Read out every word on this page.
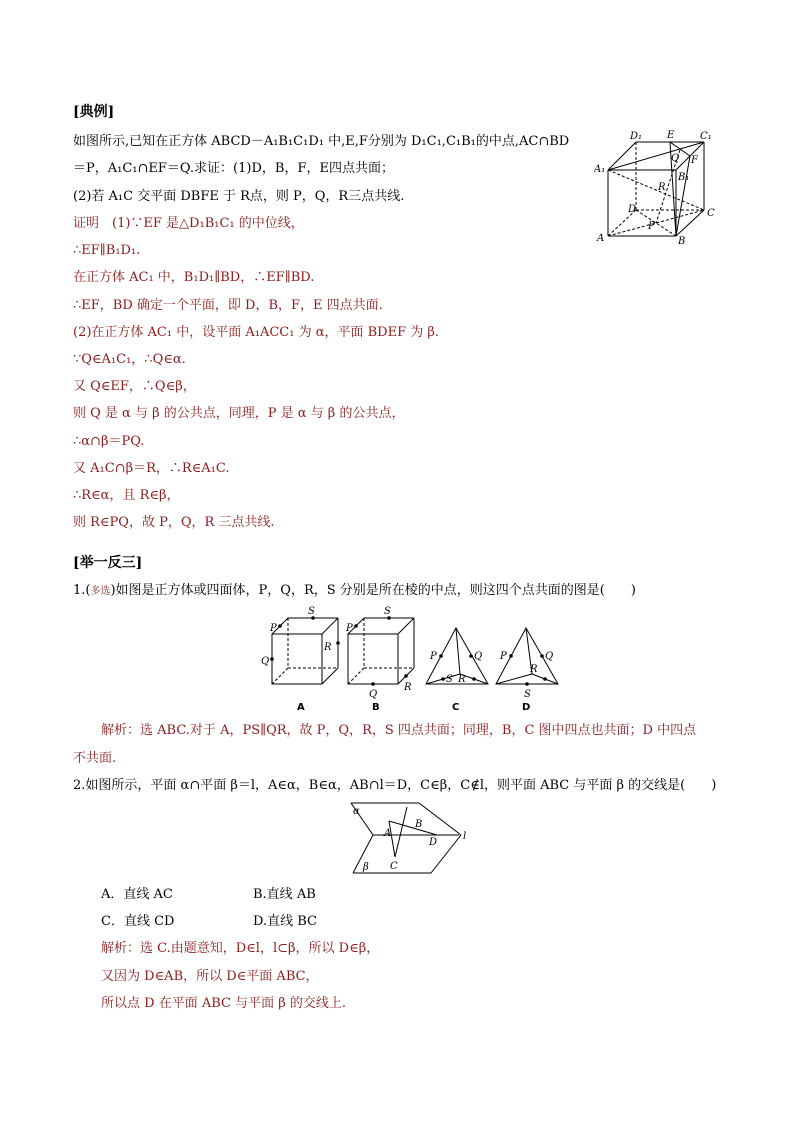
[典例]
如图所示,已知在正方体 ABCD－A₁B₁C₁D₁ 中,E,F分别为 D₁C₁,C₁B₁的中点,AC∩BD
＝P，A₁C₁∩EF＝Q.求证：(1)D，B，F，E四点共面；
(2)若 A₁C 交平面 DBFE 于 R点，则 P，Q，R三点共线.
证明　(1)∵EF 是△D₁B₁C₁ 的中位线，
∴EF∥B₁D₁.
在正方体 AC₁ 中，B₁D₁∥BD，∴EF∥BD.
∴EF，BD 确定一个平面，即 D，B，F，E 四点共面.
(2)在正方体 AC₁ 中，设平面 A₁ACC₁ 为 α，平面 BDEF 为 β.
∵Q∈A₁C₁，∴Q∈α.
又 Q∈EF，∴Q∈β，
则 Q 是 α 与 β 的公共点，同理，P 是 α 与 β 的公共点，
∴α∩β＝PQ.
又 A₁C∩β＝R，∴R∈A₁C.
∴R∈α，且 R∈β，
则 R∈PQ，故 P，Q，R 三点共线.
D₁ E	C₁
Q F
A₁
B₁
R
D	C
P
A	B
[举一反三]
1.(多选)如图是正方体或四面体，P，Q，R，S 分别是所在棱的中点，则这四个点共面的图是(　　)
P
S
Q
R
P
S
Q
R
P	Q
S R
P	Q
R
S
A	B	C	D
解析：选 ABC.对于 A，PS∥QR，故 P，Q，R，S 四点共面；同理，B，C 图中四点也共面；D 中四点
不共面.
2.如图所示，平面 α∩平面 β＝l，A∈α，B∈α，AB∩l＝D，C∈β，C∉l，则平面 ABC 与平面 β 的交线是(　　)
α
A
B
D
l
β C
A．直线 AC	B.直线 AB
C．直线 CD	D.直线 BC
解析：选 C.由题意知，D∈l，l⊂β，所以 D∈β，
又因为 D∈AB，所以 D∈平面 ABC，
所以点 D 在平面 ABC 与平面 β 的交线上.
